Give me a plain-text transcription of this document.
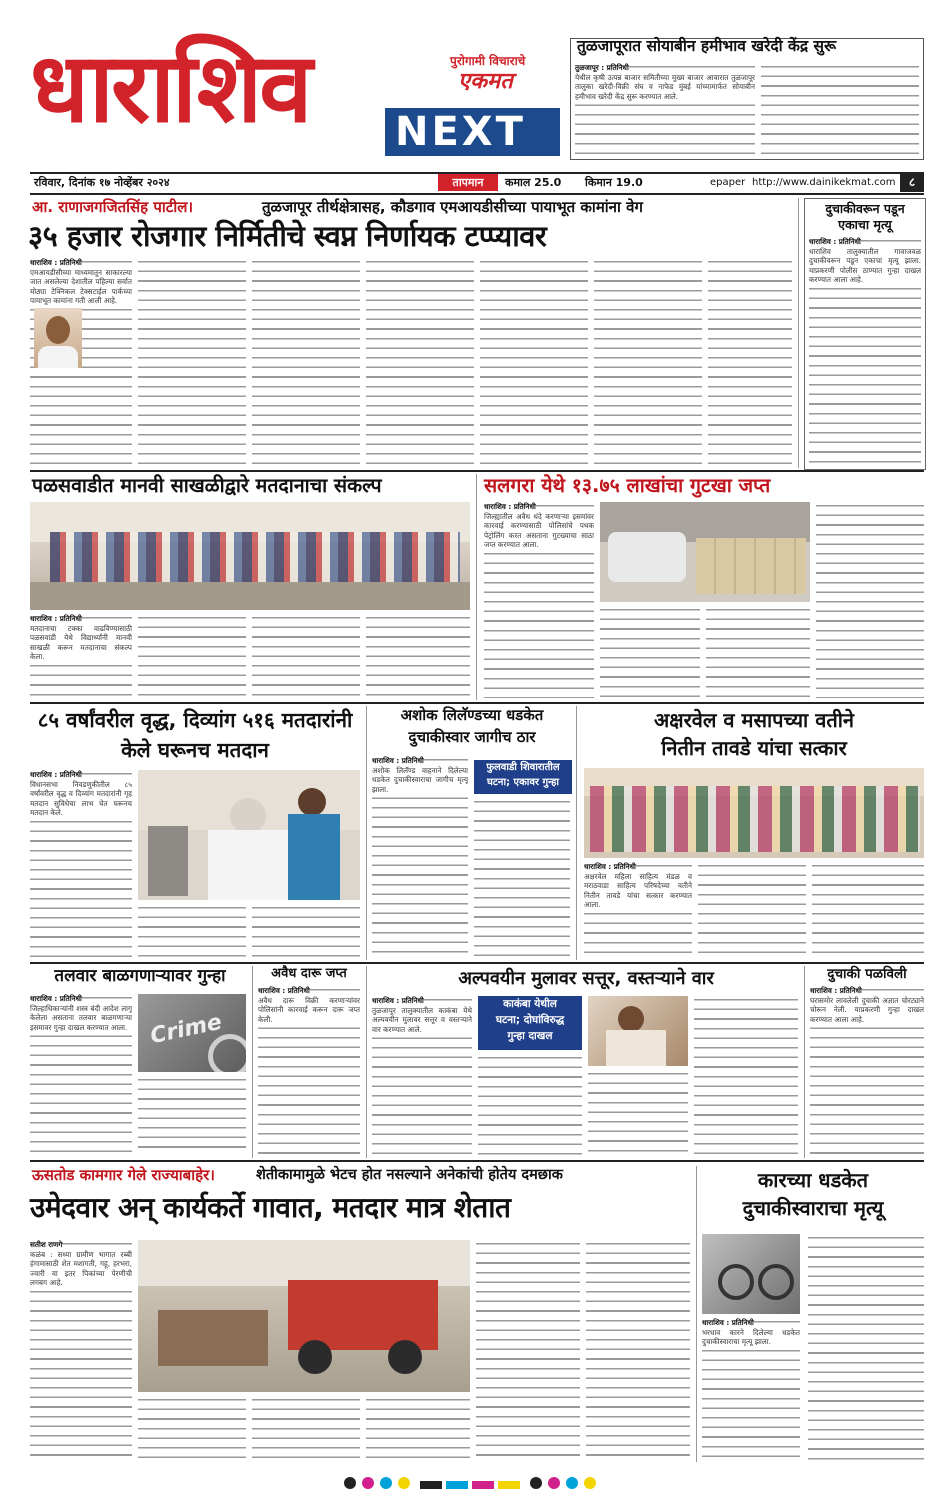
धाराशिव	पुरोगामी विचाराचे
एकमत
NEXT
तुळजापूरात सोयाबीन हमीभाव खरेदी केंद्र सुरू
तुळजापूर : प्रतिनिधी
येथील कृषी उत्पन्न बाजार समितीच्या मुख्य बाजार आवारात तुळजापूर तालुका खरेदी-विक्री संघ व नाफेड मुंबई यांच्यामार्फत सोयाबीन हमीभाव खरेदी केंद्र सुरू करण्यात आले.
रविवार, दिनांक १७ नोव्हेंबर २०२४	तापमान	कमाल 25.0 किमान 19.0	epaper http://www.dainikekmat.com	८
आ. राणाजगजितसिंह पाटील।	तुळजापूर तीर्थक्षेत्रासह, कौडगाव एमआयडीसीच्या पायाभूत कामांना वेग
३५ हजार रोजगार निर्मितीचे स्वप्न निर्णायक टप्प्यावर
धाराशिव : प्रतिनिधी
एमआयडीसीच्या माध्यमातून साकारल्या जात असलेल्या देशातील पहिल्या सर्वात मोठ्या टेक्निकल टेक्सटाईल पार्कच्या पायाभूत कामांना गती आली आहे.
दुचाकीवरून पडून एकाचा मृत्यू
धाराशिव : प्रतिनिधी
धाराशिव तालुक्यातील गावाजवळ दुचाकीवरून पडून एकाचा मृत्यू झाला. याप्रकरणी पोलीस ठाण्यात गुन्हा दाखल करण्यात आला आहे.
पळसवाडीत मानवी साखळीद्वारे मतदानाचा संकल्प
धाराशिव : प्रतिनिधी
मतदानाचा टक्का वाढविण्यासाठी पळसवाडी येथे विद्यार्थ्यांनी मानवी साखळी करून मतदानाचा संकल्प केला.
सलगरा येथे १३.७५ लाखांचा गुटखा जप्त
धाराशिव : प्रतिनिधी
जिल्ह्यातील अवैध धंदे करणाऱ्या इसमांवर कारवाई करण्यासाठी पोलिसांचे पथक पेट्रोलिंग करत असताना गुटख्याचा साठा जप्त करण्यात आला.
८५ वर्षांवरील वृद्ध, दिव्यांग ५१६ मतदारांनी केले घरूनच मतदान
धाराशिव : प्रतिनिधी
विधानसभा निवडणुकीतील ८५ वर्षांवरील वृद्ध व दिव्यांग मतदारांनी गृह मतदान सुविधेचा लाभ घेत घरूनच मतदान केले.
अशोक लिलॅण्डच्या धडकेत
दुचाकीस्वार जागीच ठार
धाराशिव : प्रतिनिधी
अशोक लिलॅण्ड वाहनाने दिलेल्या धडकेत दुचाकीस्वाराचा जागीच मृत्यू झाला.
फुलवाडी शिवारातील
घटना; एकावर गुन्हा
अक्षरवेल व मसापच्या वतीने
नितीन तावडे यांचा सत्कार
धाराशिव : प्रतिनिधी
अक्षरवेल महिला साहित्य मंडळ व मराठवाडा साहित्य परिषदेच्या वतीने नितीन तावडे यांचा सत्कार करण्यात आला.
तलवार बाळगणाऱ्यावर गुन्हा
धाराशिव : प्रतिनिधी
जिल्हाधिकाऱ्यांनी शस्त्र बंदी आदेश लागू केलेला असताना तलवार बाळगणाऱ्या इसमावर गुन्हा दाखल करण्यात आला. Crime
अवैध दारू जप्त
धाराशिव : प्रतिनिधी
अवैध दारू विक्री करणाऱ्यांवर पोलिसांनी कारवाई करून दारू जप्त केली.
अल्पवयीन मुलावर सत्तूर, वस्तऱ्याने वार
धाराशिव : प्रतिनिधी
तुळजापूर तालुक्यातील काकंबा येथे अल्पवयीन मुलावर सत्तूर व वस्तऱ्याने वार करण्यात आले.
काकंबा येथील
घटना; दोघांविरुद्ध
गुन्हा दाखल
दुचाकी पळविली
धाराशिव : प्रतिनिधी
घरासमोर लावलेली दुचाकी अज्ञात चोरट्याने चोरून नेली. याप्रकरणी गुन्हा दाखल करण्यात आला आहे.
ऊसतोड कामगार गेले राज्याबाहेर।	शेतीकामामुळे भेटच होत नसल्याने अनेकांची होतेय दमछाक
उमेदवार अन् कार्यकर्ते गावात, मतदार मात्र शेतात
सतीश राणगे
कळंब : सध्या ग्रामीण भागात रब्बी हंगामासाठी शेत मशागती, गहू, हरभरा, ज्वारी या इतर पिकांच्या पेरणीची लगबग आहे.
कारच्या धडकेत
दुचाकीस्वाराचा मृत्यू
धाराशिव : प्रतिनिधी
भरधाव कारने दिलेल्या धडकेत दुचाकीस्वाराचा मृत्यू झाला.
